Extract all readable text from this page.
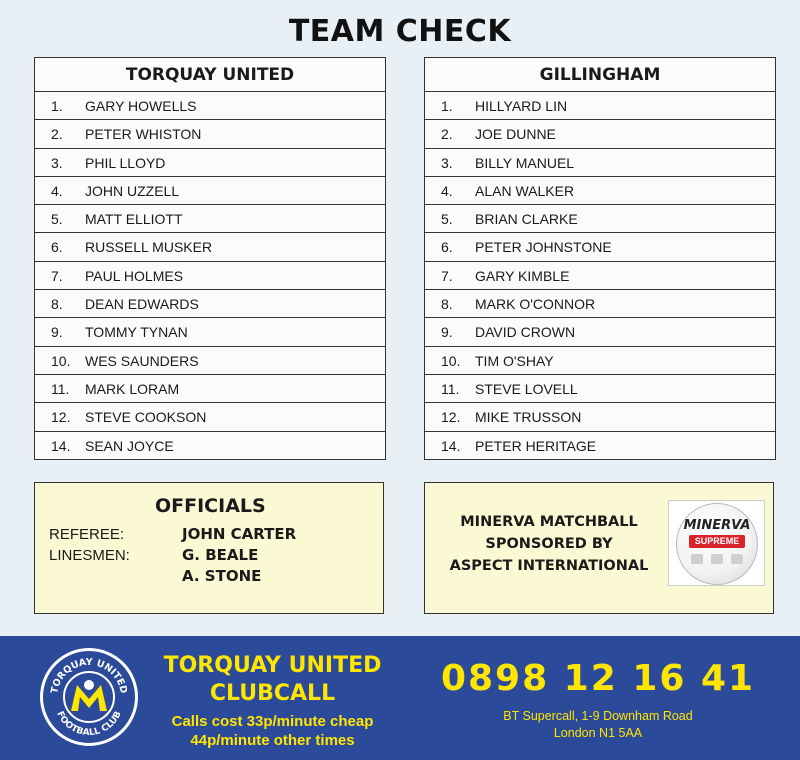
TEAM CHECK
TORQUAY UNITED
1.	GARY HOWELLS
2.	PETER WHISTON
3.	PHIL LLOYD
4.	JOHN UZZELL
5.	MATT ELLIOTT
6.	RUSSELL MUSKER
7.	PAUL HOLMES
8.	DEAN EDWARDS
9.	TOMMY TYNAN
10.	WES SAUNDERS
11.	MARK LORAM
12.	STEVE COOKSON
14.	SEAN JOYCE
GILLINGHAM
1.	HILLYARD LIN
2.	JOE DUNNE
3.	BILLY MANUEL
4.	ALAN WALKER
5.	BRIAN CLARKE
6.	PETER JOHNSTONE
7.	GARY KIMBLE
8.	MARK O'CONNOR
9.	DAVID CROWN
10.	TIM O'SHAY
11.	STEVE LOVELL
12.	MIKE TRUSSON
14.	PETER HERITAGE
OFFICIALS
REFEREE:	JOHN CARTER
LINESMEN:	G. BEALE
A. STONE
MINERVA MATCHBALL
SPONSORED BY
ASPECT INTERNATIONAL
MINERVA
SUPREME
TORQUAY UNITED
FOOTBALL CLUB
TORQUAY UNITED
CLUBCALL
Calls cost 33p/minute cheap
44p/minute other times
0898 12 16 41
BT Supercall, 1-9 Downham Road
London N1 5AA
